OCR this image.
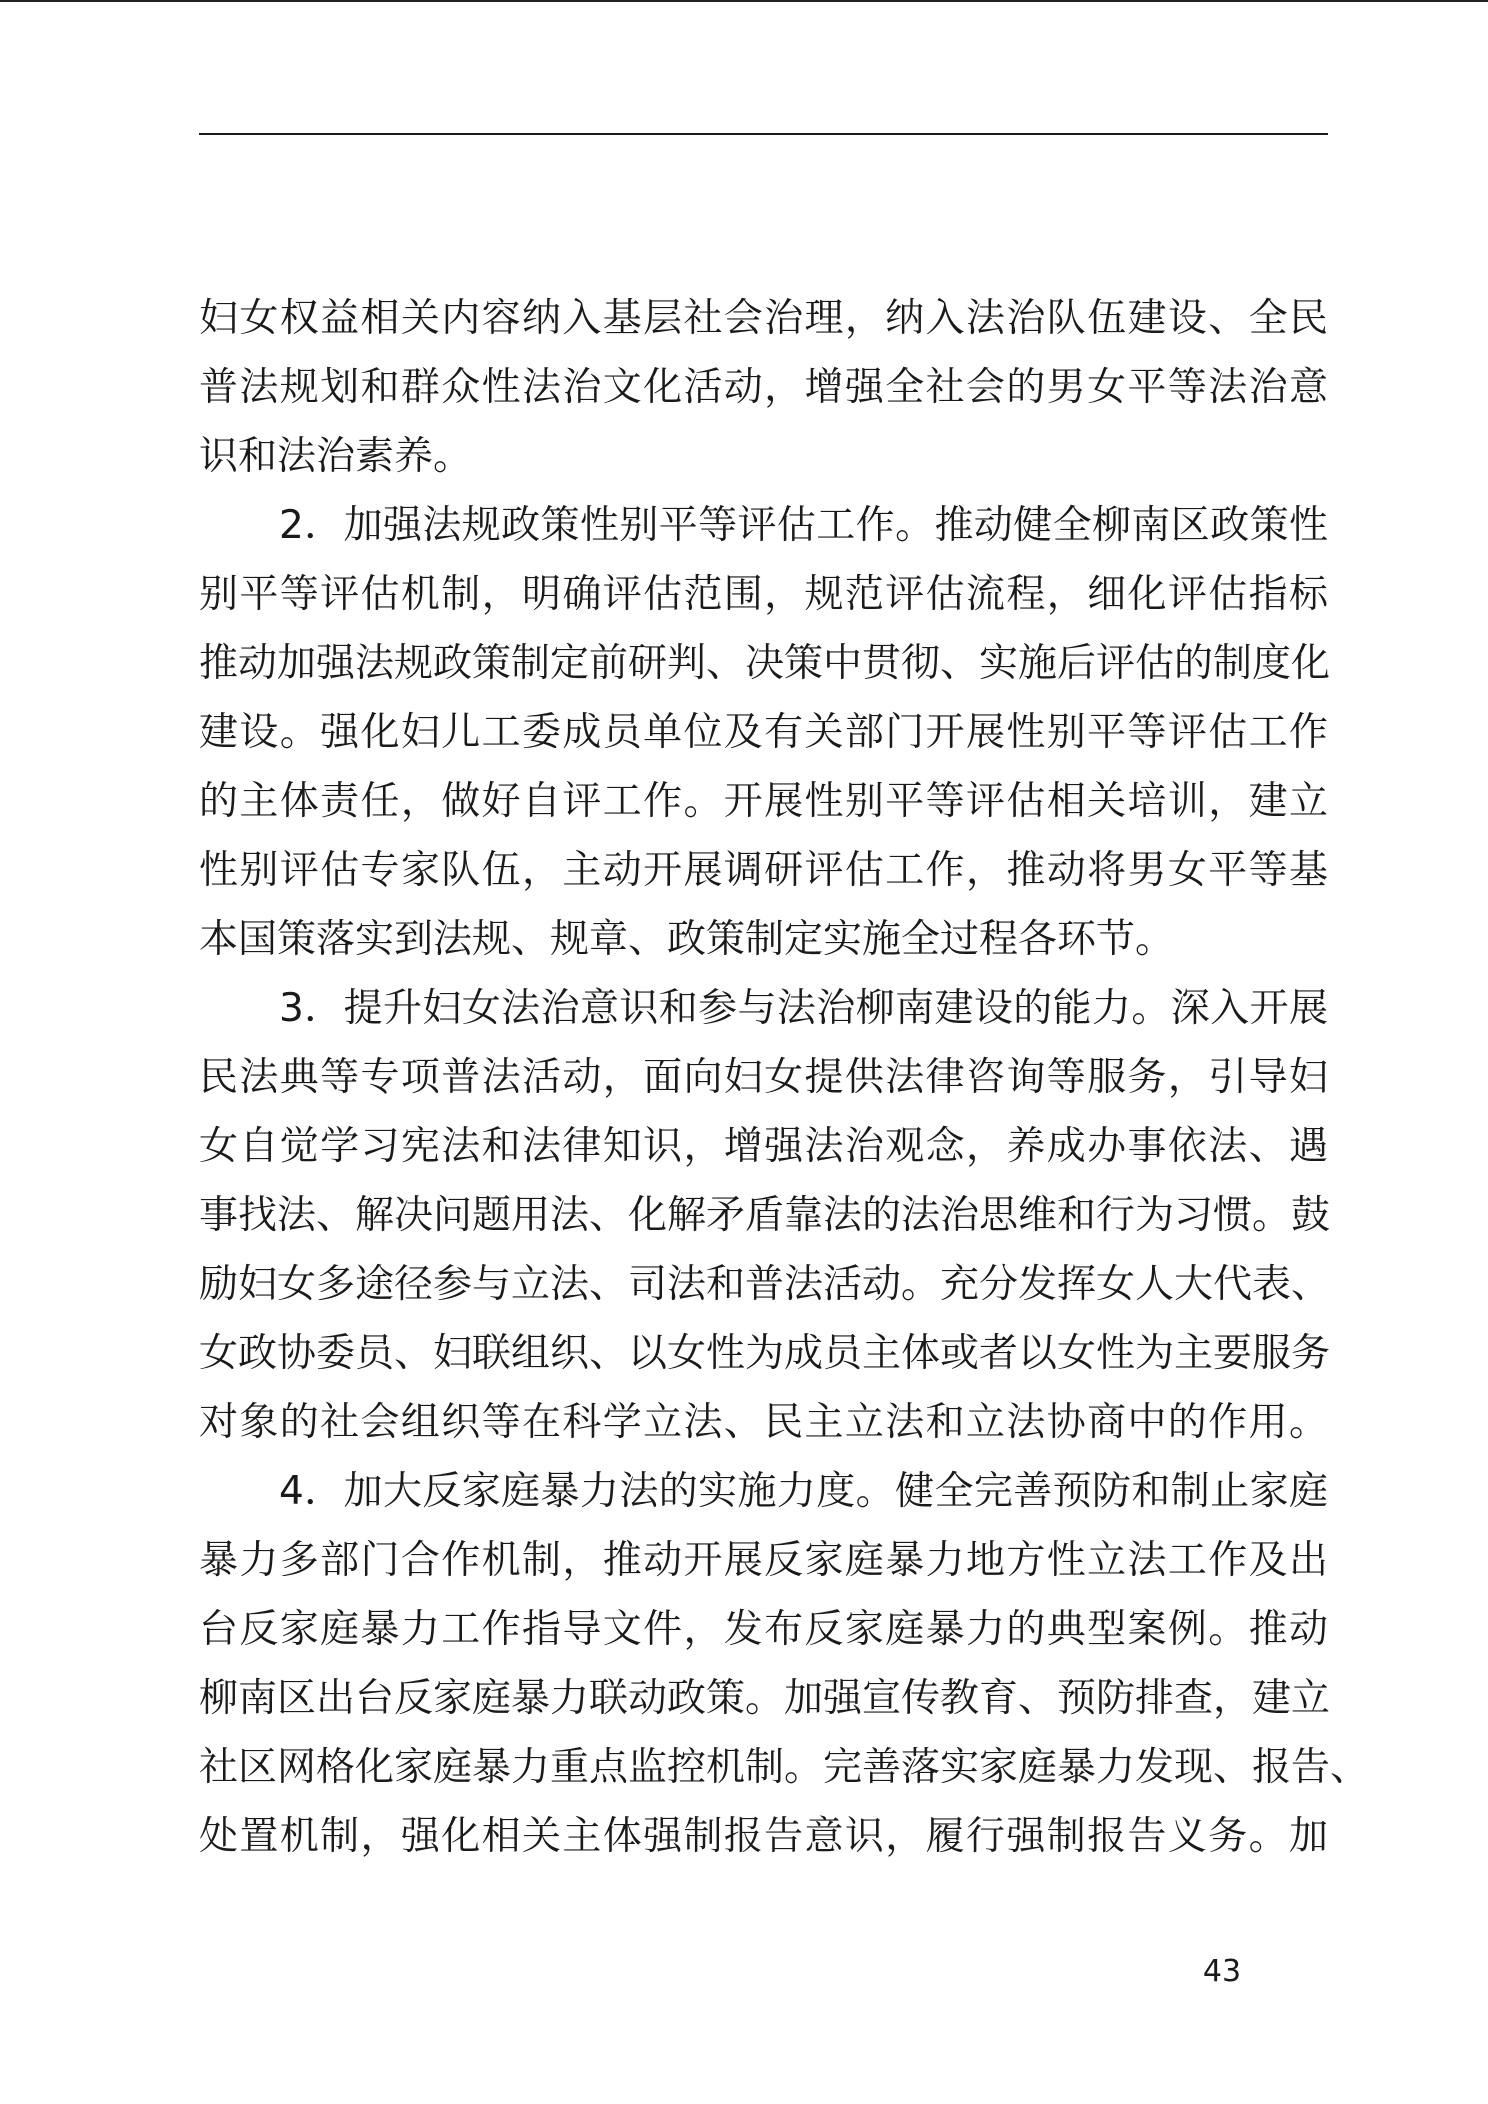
妇女权益相关内容纳入基层社会治理，纳入法治队伍建设、全民
普法规划和群众性法治文化活动，增强全社会的男女平等法治意
识和法治素养。
2．加强法规政策性别平等评估工作。推动健全柳南区政策性
别平等评估机制，明确评估范围，规范评估流程，细化评估指标
推动加强法规政策制定前研判、决策中贯彻、实施后评估的制度化
建设。强化妇儿工委成员单位及有关部门开展性别平等评估工作
的主体责任，做好自评工作。开展性别平等评估相关培训，建立
性别评估专家队伍，主动开展调研评估工作，推动将男女平等基
本国策落实到法规、规章、政策制定实施全过程各环节。
3．提升妇女法治意识和参与法治柳南建设的能力。深入开展
民法典等专项普法活动，面向妇女提供法律咨询等服务，引导妇
女自觉学习宪法和法律知识，增强法治观念，养成办事依法、遇
事找法、解决问题用法、化解矛盾靠法的法治思维和行为习惯。鼓
励妇女多途径参与立法、司法和普法活动。充分发挥女人大代表、
女政协委员、妇联组织、以女性为成员主体或者以女性为主要服务
对象的社会组织等在科学立法、民主立法和立法协商中的作用。
4．加大反家庭暴力法的实施力度。健全完善预防和制止家庭
暴力多部门合作机制，推动开展反家庭暴力地方性立法工作及出
台反家庭暴力工作指导文件，发布反家庭暴力的典型案例。推动
柳南区出台反家庭暴力联动政策。加强宣传教育、预防排查，建立
社区网格化家庭暴力重点监控机制。完善落实家庭暴力发现、报告、
处置机制，强化相关主体强制报告意识，履行强制报告义务。加
43
